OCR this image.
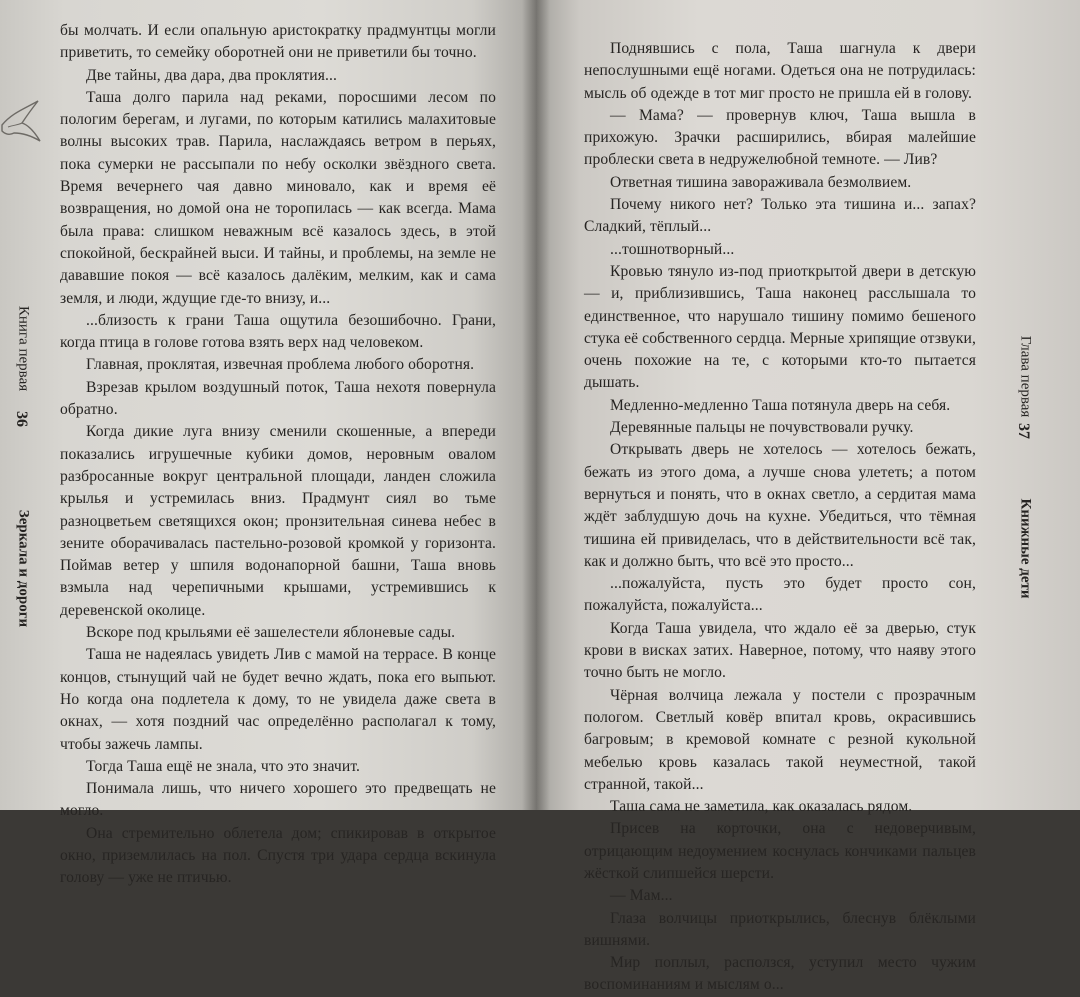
бы молчать. И если опальную аристократку прадмунтцы могли приветить, то семейку оборотней они не приветили бы точно.

Две тайны, два дара, два проклятия...

Таша долго парила над реками, поросшими лесом по пологим берегам, и лугами, по которым катились малахитовые волны высоких трав. Парила, наслаждаясь ветром в перьях, пока сумерки не рассыпали по небу осколки звёздного света. Время вечернего чая давно миновало, как и время её возвращения, но домой она не торопилась — как всегда. Мама была права: слишком неважным всё казалось здесь, в этой спокойной, бескрайней выси. И тайны, и проблемы, на земле не дававшие покоя — всё казалось далёким, мелким, как и сама земля, и люди, ждущие где-то внизу, и...

...близость к грани Таша ощутила безошибочно. Грани, когда птица в голове готова взять верх над человеком.

Главная, проклятая, извечная проблема любого оборотня.

Взрезав крылом воздушный поток, Таша нехотя повернула обратно.

Когда дикие луга внизу сменили скошенные, а впереди показались игрушечные кубики домов, неровным овалом разбросанные вокруг центральной площади, ланден сложила крылья и устремилась вниз. Прадмунт сиял во тьме разноцветьем светящихся окон; пронзительная синева небес в зените оборачивалась пастельно-розовой кромкой у горизонта. Поймав ветер у шпиля водонапорной башни, Таша вновь взмыла над черепичными крышами, устремившись к деревенской околице.

Вскоре под крыльями её зашелестели яблоневые сады.

Таша не надеялась увидеть Лив с мамой на террасе. В конце концов, стынущий чай не будет вечно ждать, пока его выпьют. Но когда она подлетела к дому, то не увидела даже света в окнах, — хотя поздний час определённо располагал к тому, чтобы зажечь лампы.

Тогда Таша ещё не знала, что это значит.

Понимала лишь, что ничего хорошего это предвещать не могло.

Она стремительно облетела дом; спикировав в открытое окно, приземлилась на пол. Спустя три удара сердца вскинула голову — уже не птичью.

Книга первая
36
Зеркала и дороги

Поднявшись с пола, Таша шагнула к двери непослушными ещё ногами. Одеться она не потрудилась: мысль об одежде в тот миг просто не пришла ей в голову.

— Мама? — провернув ключ, Таша вышла в прихожую. Зрачки расширились, вбирая малейшие проблески света в недружелюбной темноте. — Лив?

Ответная тишина завораживала безмолвием.

Почему никого нет? Только эта тишина и... запах? Сладкий, тёплый...

...тошнотворный...

Кровью тянуло из-под приоткрытой двери в детскую — и, приблизившись, Таша наконец расслышала то единственное, что нарушало тишину помимо бешеного стука её собственного сердца. Мерные хрипящие отзвуки, очень похожие на те, с которыми кто-то пытается дышать.

Медленно-медленно Таша потянула дверь на себя.

Деревянные пальцы не почувствовали ручку.

Открывать дверь не хотелось — хотелось бежать, бежать из этого дома, а лучше снова улететь; а потом вернуться и понять, что в окнах светло, а сердитая мама ждёт заблудшую дочь на кухне. Убедиться, что тёмная тишина ей привиделась, что в действительности всё так, как и должно быть, что всё это просто...

...пожалуйста, пусть это будет просто сон, пожалуйста, пожалуйста...

Когда Таша увидела, что ждало её за дверью, стук крови в висках затих. Наверное, потому, что наяву этого точно быть не могло.

Чёрная волчица лежала у постели с прозрачным пологом. Светлый ковёр впитал кровь, окрасившись багровым; в кремовой комнате с резной кукольной мебелью кровь казалась такой неуместной, такой странной, такой...

Таша сама не заметила, как оказалась рядом.

Присев на корточки, она с недоверчивым, отрицающим недоумением коснулась кончиками пальцев жёсткой слипшейся шерсти.

— Мам...

Глаза волчицы приоткрылись, блеснув блёклыми вишнями.

Мир поплыл, расползся, уступил место чужим воспоминаниям и мыслям о...

Глава первая
37
Книжные дети
